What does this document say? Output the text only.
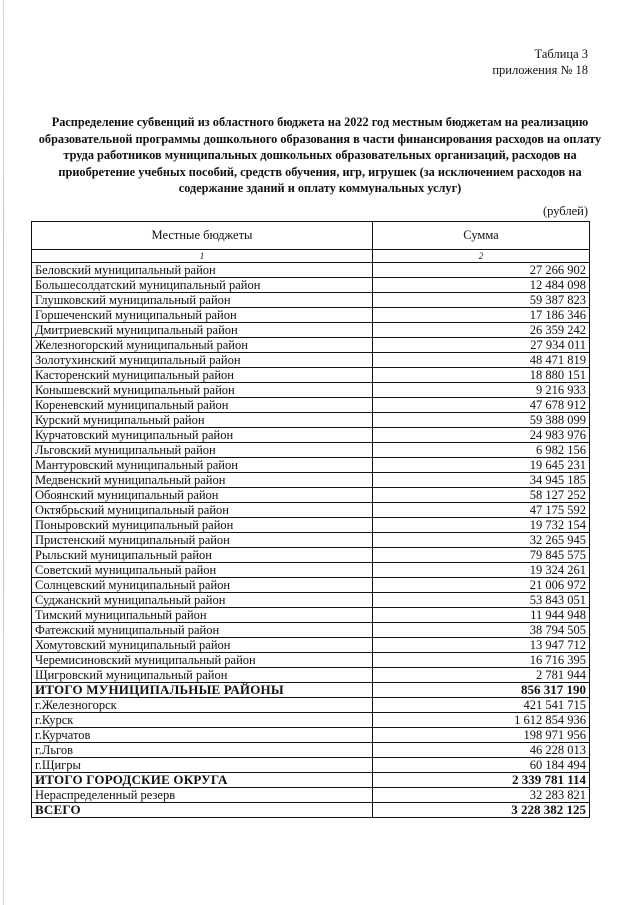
Таблица 3
приложения № 18
Распределение субвенций из областного бюджета на 2022 год местным бюджетам на реализацию образовательной программы дошкольного образования в части финансирования расходов на оплату труда работников муниципальных дошкольных образовательных организаций, расходов на приобретение учебных пособий, средств обучения, игр, игрушек (за исключением расходов на содержание зданий и оплату коммунальных услуг)
(рублей)
Местные бюджеты	Сумма
1	2
Беловский муниципальный район	27 266 902
Большесолдатский муниципальный район	12 484 098
Глушковский муниципальный район	59 387 823
Горшеченский муниципальный район	17 186 346
Дмитриевский муниципальный район	26 359 242
Железногорский муниципальный район	27 934 011
Золотухинский муниципальный район	48 471 819
Касторенский муниципальный район	18 880 151
Конышевский муниципальный район	9 216 933
Кореневский муниципальный район	47 678 912
Курский муниципальный район	59 388 099
Курчатовский муниципальный район	24 983 976
Льговский муниципальный район	6 982 156
Мантуровский муниципальный район	19 645 231
Медвенский муниципальный район	34 945 185
Обоянский муниципальный район	58 127 252
Октябрьский муниципальный район	47 175 592
Поныровский муниципальный район	19 732 154
Пристенский муниципальный район	32 265 945
Рыльский муниципальный район	79 845 575
Советский муниципальный район	19 324 261
Солнцевский муниципальный район	21 006 972
Суджанский муниципальный район	53 843 051
Тимский муниципальный район	11 944 948
Фатежский муниципальный район	38 794 505
Хомутовский муниципальный район	13 947 712
Черемисиновский муниципальный район	16 716 395
Щигровский муниципальный район	2 781 944
ИТОГО МУНИЦИПАЛЬНЫЕ РАЙОНЫ	856 317 190
г.Железногорск	421 541 715
г.Курск	1 612 854 936
г.Курчатов	198 971 956
г.Льгов	46 228 013
г.Щигры	60 184 494
ИТОГО ГОРОДСКИЕ ОКРУГА	2 339 781 114
Нераспределенный резерв	32 283 821
ВСЕГО	3 228 382 125
